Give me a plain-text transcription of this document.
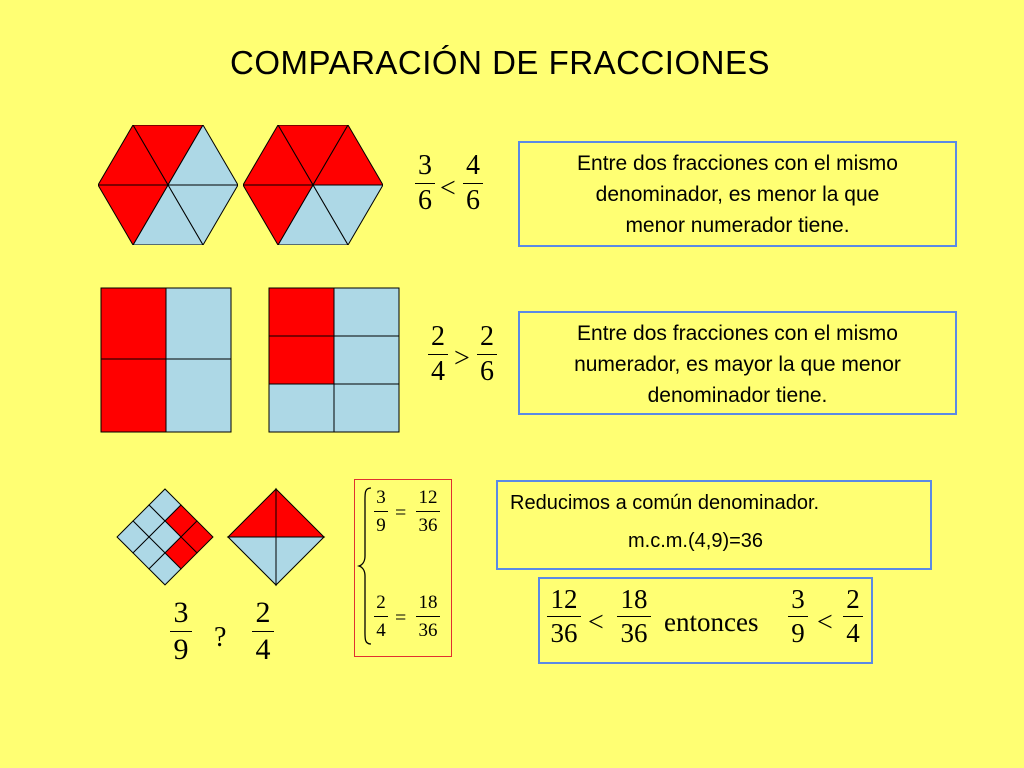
COMPARACIÓN DE FRACCIONES
3
6 <
4
6
Entre dos fracciones con el mismo
denominador, es menor la que
menor numerador tiene.
2
4 >
2
6
Entre dos fracciones con el mismo
numerador, es mayor la que menor
denominador tiene.
3
9 ?
2
4
3
9
=
12
36
2
4
=
18
36
Reducimos a común denominador.
m.c.m.(4,9)=36
12
36 <
18
36 entonces
3
9 <
2
4
